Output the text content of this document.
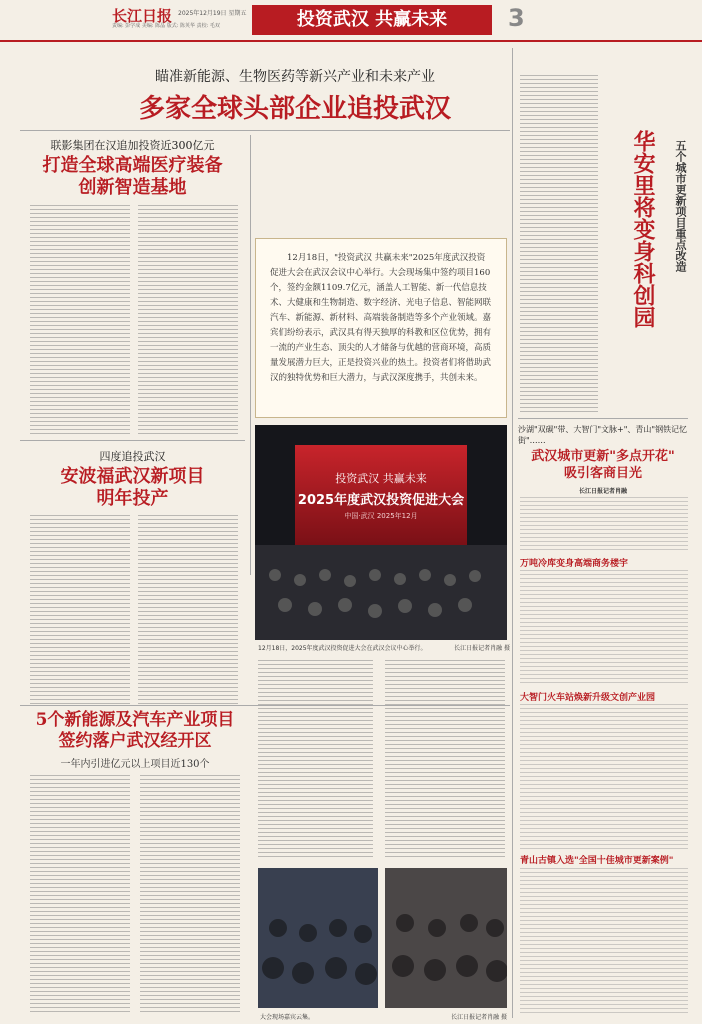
长江日报 2025年12月19日 星期五
责编: 彭学成 美编: 陈晶 版式: 陈英华 责校: 毛双	投资武汉 共赢未来	3
瞄准新能源、生物医药等新兴产业和未来产业
多家全球头部企业追投武汉
联影集团在汉追加投资近300亿元
打造全球高端医疗装备
创新智造基地
四度追投武汉
安波福武汉新项目
明年投产
12月18日，"投资武汉 共赢未来"2025年度武汉投资促进大会在武汉会议中心举行。大会现场集中签约项目160个，签约金额1109.7亿元，涵盖人工智能、新一代信息技术、大健康和生物制造、数字经济、光电子信息、智能网联汽车、新能源、新材料、高端装备制造等多个产业领域。嘉宾们纷纷表示，武汉具有得天独厚的科教和区位优势，拥有一流的产业生态、顶尖的人才储备与优越的营商环境，高质量发展潜力巨大，正是投资兴业的热土。投资者们将借助武汉的独特优势和巨大潜力，与武汉深度携手，共创未来。
投资武汉 共赢未来
2025年度武汉投资促进大会
中国·武汉 2025年12月
12月18日，2025年度武汉投资促进大会在武汉会议中心举行。	长江日报记者肖融 摄
5个新能源及汽车产业项目
签约落户武汉经开区
一年内引进亿元以上项目近130个
大会现场嘉宾云集。	长江日报记者肖融 摄
华安里将变身科创园 五个城市更新项目重点改造
沙湖"双碳"带、大智门"文脉+"、青山"钢铁记忆街"……
武汉城市更新"多点开花"
吸引客商目光
长江日报记者肖融
万吨冷库变身高端商务楼宇
大智门火车站焕新升级文创产业园
青山古镇入选"全国十佳城市更新案例"
